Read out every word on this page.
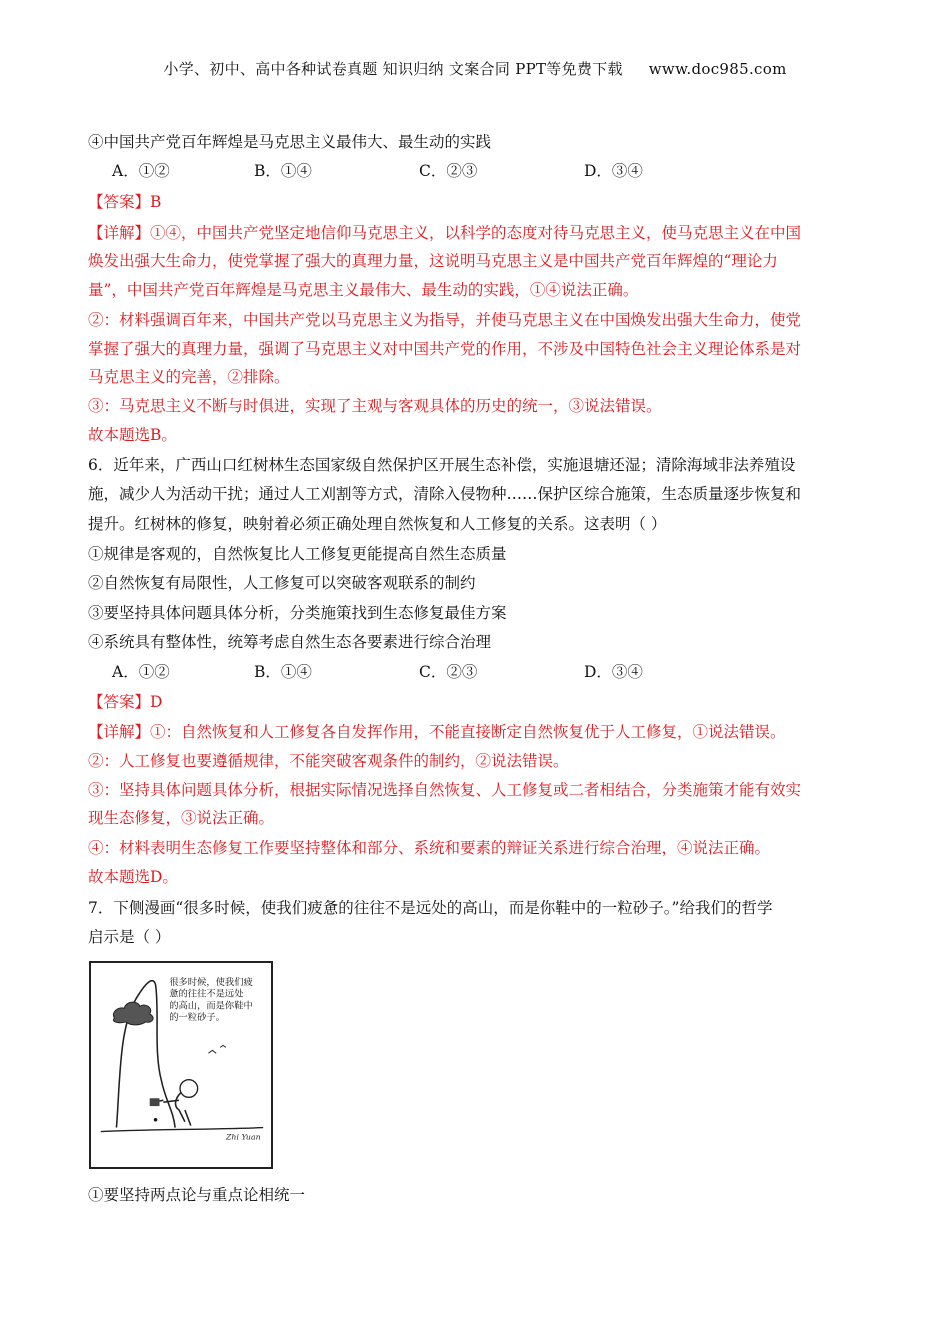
小学、初中、高中各种试卷真题 知识归纳 文案合同 PPT等免费下载 www.doc985.com
④中国共产党百年辉煌是马克思主义最伟大、最生动的实践
A．①②	B．①④	C．②③	D．③④
【答案】B
【详解】①④，中国共产党坚定地信仰马克思主义，以科学的态度对待马克思主义，使马克思主义在中国
焕发出强大生命力，使党掌握了强大的真理力量，这说明马克思主义是中国共产党百年辉煌的“理论力
量”，中国共产党百年辉煌是马克思主义最伟大、最生动的实践，①④说法正确。
②：材料强调百年来，中国共产党以马克思主义为指导，并使马克思主义在中国焕发出强大生命力，使党
掌握了强大的真理力量，强调了马克思主义对中国共产党的作用，不涉及中国特色社会主义理论体系是对
马克思主义的完善，②排除。
③：马克思主义不断与时俱进，实现了主观与客观具体的历史的统一，③说法错误。
故本题选B。
6．近年来，广西山口红树林生态国家级自然保护区开展生态补偿，实施退塘还湿；清除海域非法养殖设
施，减少人为活动干扰；通过人工刈割等方式，清除入侵物种……保护区综合施策，生态质量逐步恢复和
提升。红树林的修复，映射着必须正确处理自然恢复和人工修复的关系。这表明（ ）
①规律是客观的，自然恢复比人工修复更能提高自然生态质量
②自然恢复有局限性，人工修复可以突破客观联系的制约
③要坚持具体问题具体分析，分类施策找到生态修复最佳方案
④系统具有整体性，统筹考虑自然生态各要素进行综合治理
A．①②	B．①④	C．②③	D．③④
【答案】D
【详解】①：自然恢复和人工修复各自发挥作用，不能直接断定自然恢复优于人工修复，①说法错误。
②：人工修复也要遵循规律，不能突破客观条件的制约，②说法错误。
③：坚持具体问题具体分析，根据实际情况选择自然恢复、人工修复或二者相结合，分类施策才能有效实
现生态修复，③说法正确。
④：材料表明生态修复工作要坚持整体和部分、系统和要素的辩证关系进行综合治理，④说法正确。
故本题选D。
7．下侧漫画“很多时候，使我们疲惫的往往不是远处的高山，而是你鞋中的一粒砂子。”给我们的哲学
启示是（ ）
很多时候，使我们疲
惫的往往不是远处
的高山，而是你鞋中
的一粒砂子。
Zhi Yuan
①要坚持两点论与重点论相统一
